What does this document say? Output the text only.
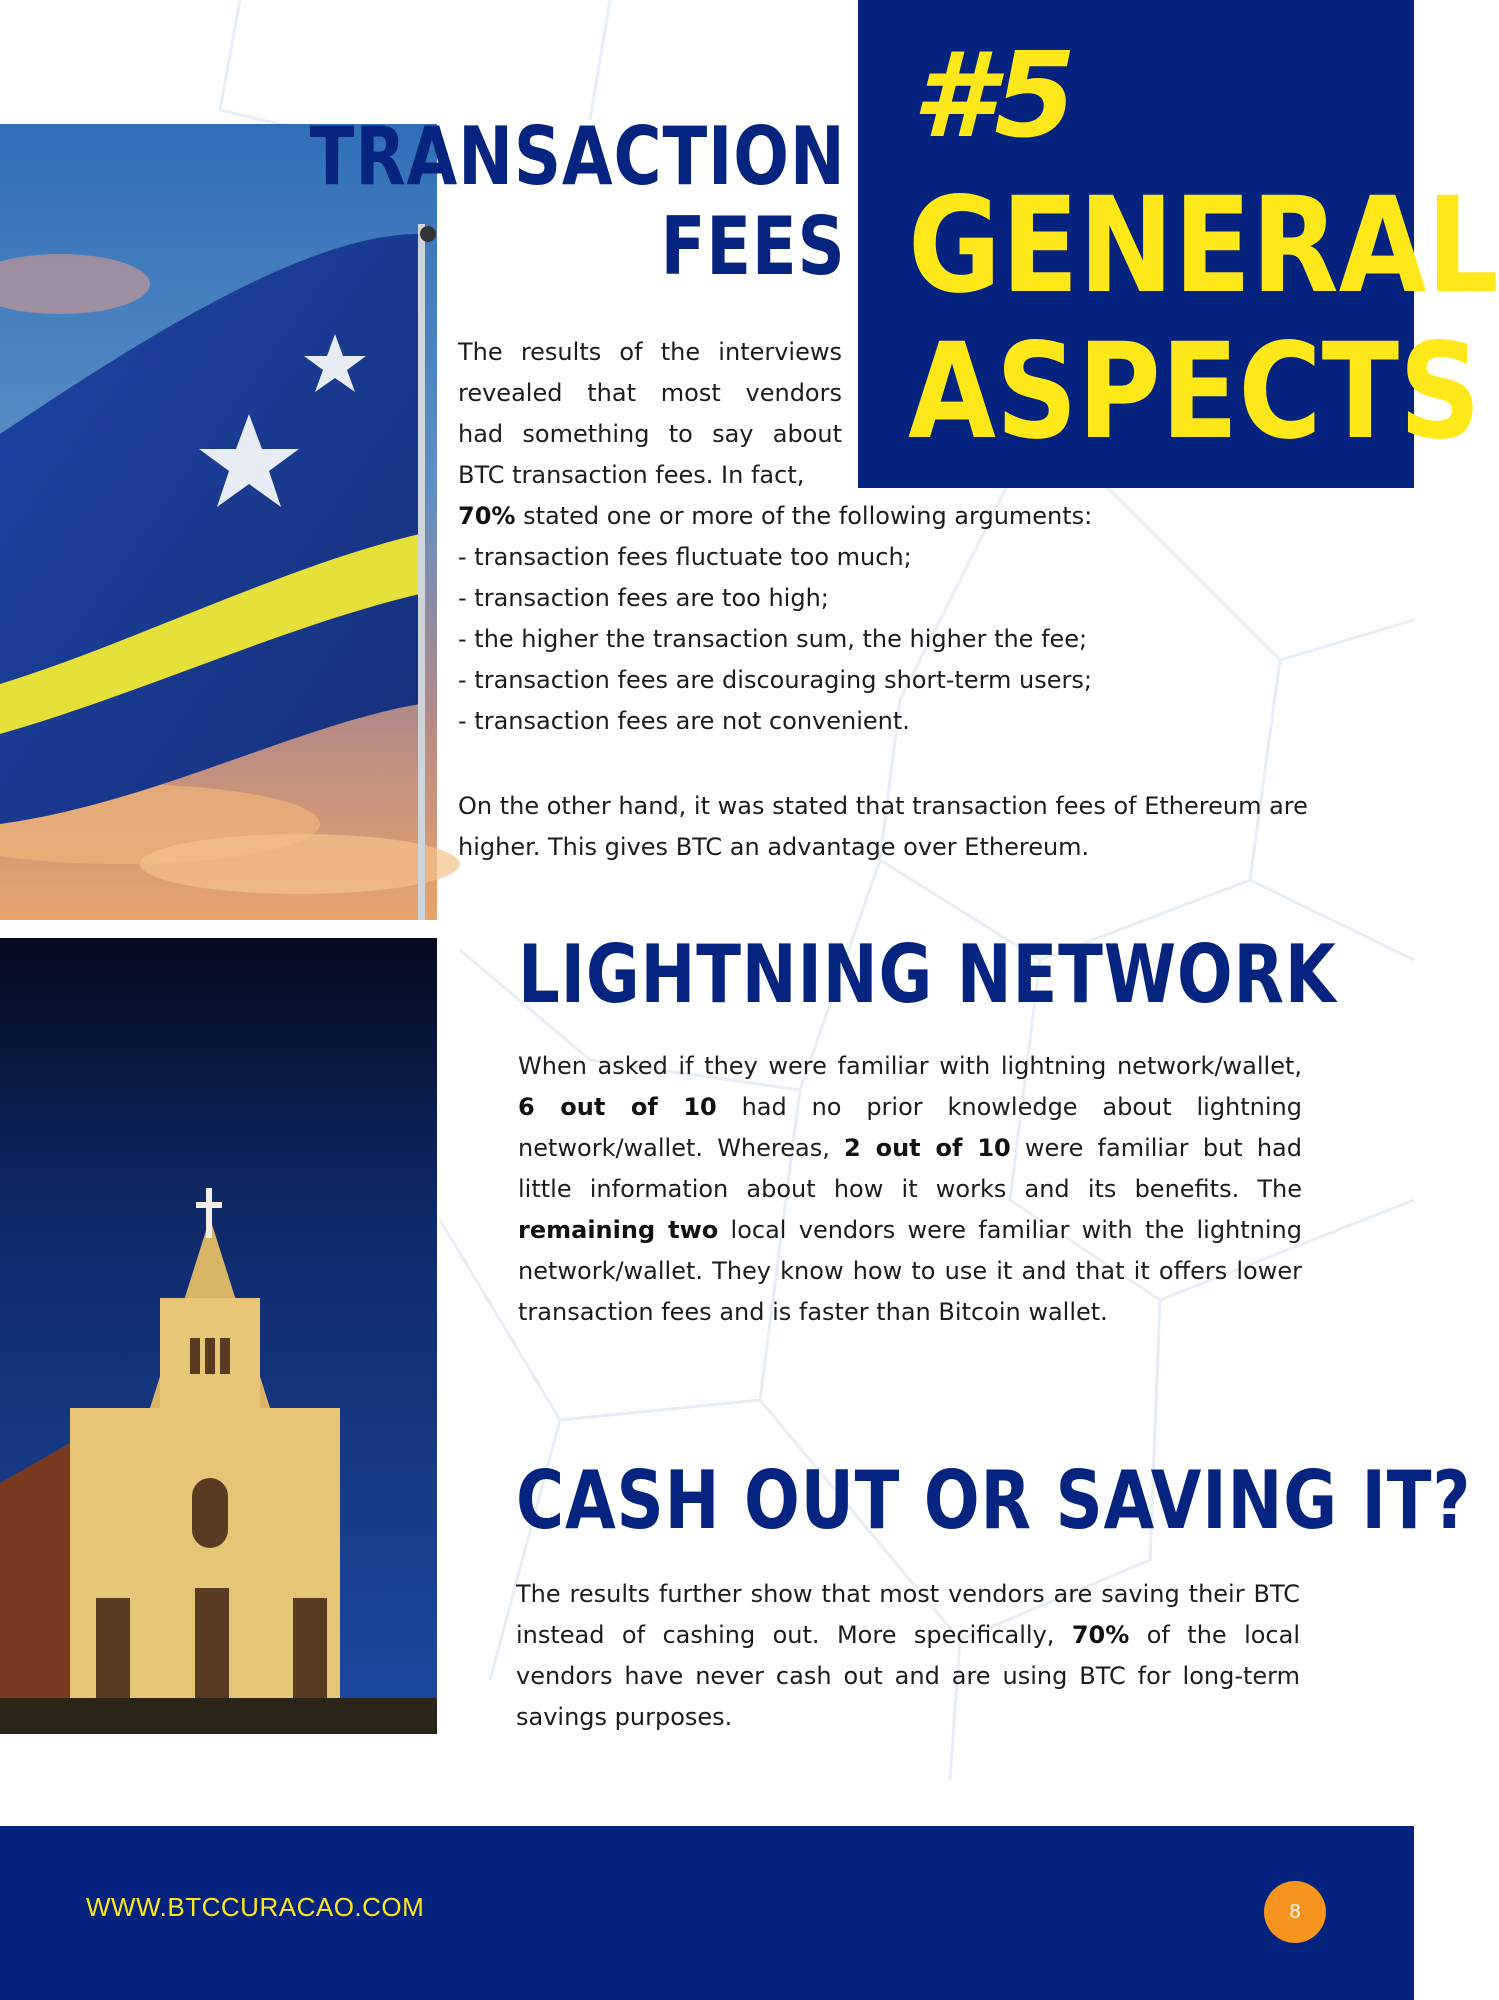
#5
GENERAL
ASPECTS
TRANSACTION
FEES
The results of the interviews revealed that most vendors had something to say about BTC transaction fees. In fact,
70% stated one or more of the following arguments:
- transaction fees fluctuate too much;
- transaction fees are too high;
- the higher the transaction sum, the higher the fee;
- transaction fees are discouraging short-term users;
- transaction fees are not convenient.
On the other hand, it was stated that transaction fees of Ethereum are higher. This gives BTC an advantage over Ethereum.
LIGHTNING NETWORK
When asked if they were familiar with lightning network/wallet, 6 out of 10 had no prior knowledge about lightning network/wallet. Whereas, 2 out of 10 were familiar but had little information about how it works and its benefits. The remaining two local vendors were familiar with the lightning network/wallet. They know how to use it and that it offers lower transaction fees and is faster than Bitcoin wallet.
CASH OUT OR SAVING IT?
The results further show that most vendors are saving their BTC instead of cashing out. More specifically, 70% of the local vendors have never cash out and are using BTC for long-term savings purposes.
WWW.BTCCURACAO.COM	8
